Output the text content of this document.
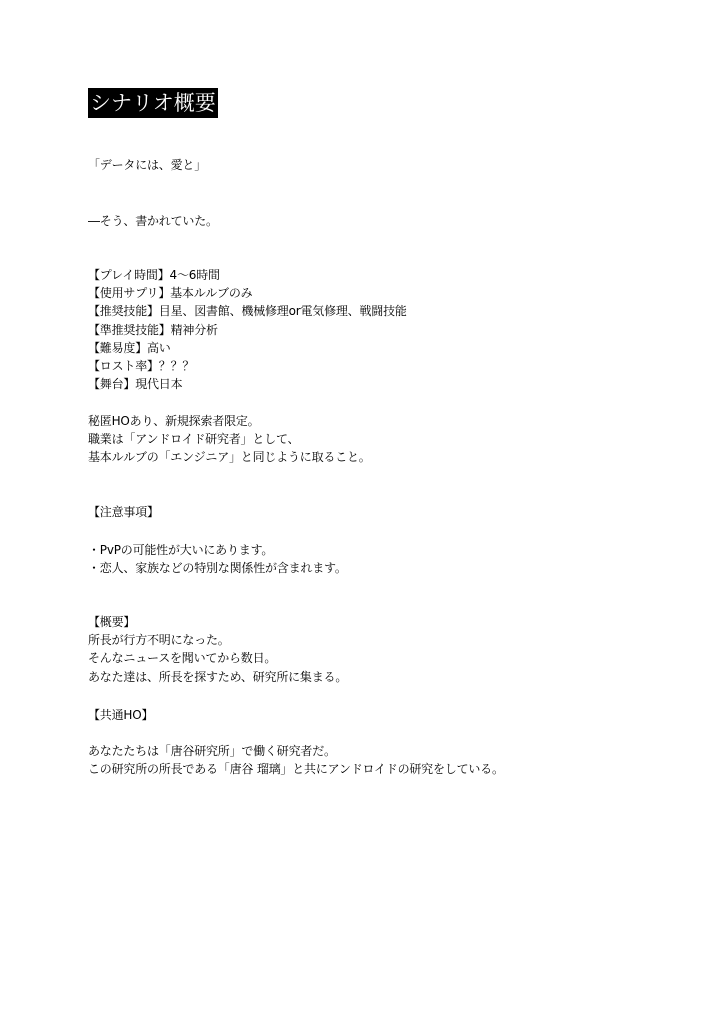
シナリオ概要
「データには、愛と」
―そう、書かれていた。
【プレイ時間】4～6時間
【使用サプリ】基本ルルブのみ
【推奨技能】目星、図書館、機械修理or電気修理、戦闘技能
【準推奨技能】精神分析
【難易度】高い
【ロスト率】？？？
【舞台】現代日本
秘匿HOあり、新規探索者限定。
職業は「アンドロイド研究者」として、
基本ルルブの「エンジニア」と同じように取ること。
【注意事項】
・PvPの可能性が大いにあります。
・恋人、家族などの特別な関係性が含まれます。
【概要】
所長が行方不明になった。
そんなニュースを聞いてから数日。
あなた達は、所長を探すため、研究所に集まる。
【共通HO】
あなたたちは「唐谷研究所」で働く研究者だ。
この研究所の所長である「唐谷 瑠璃」と共にアンドロイドの研究をしている。
